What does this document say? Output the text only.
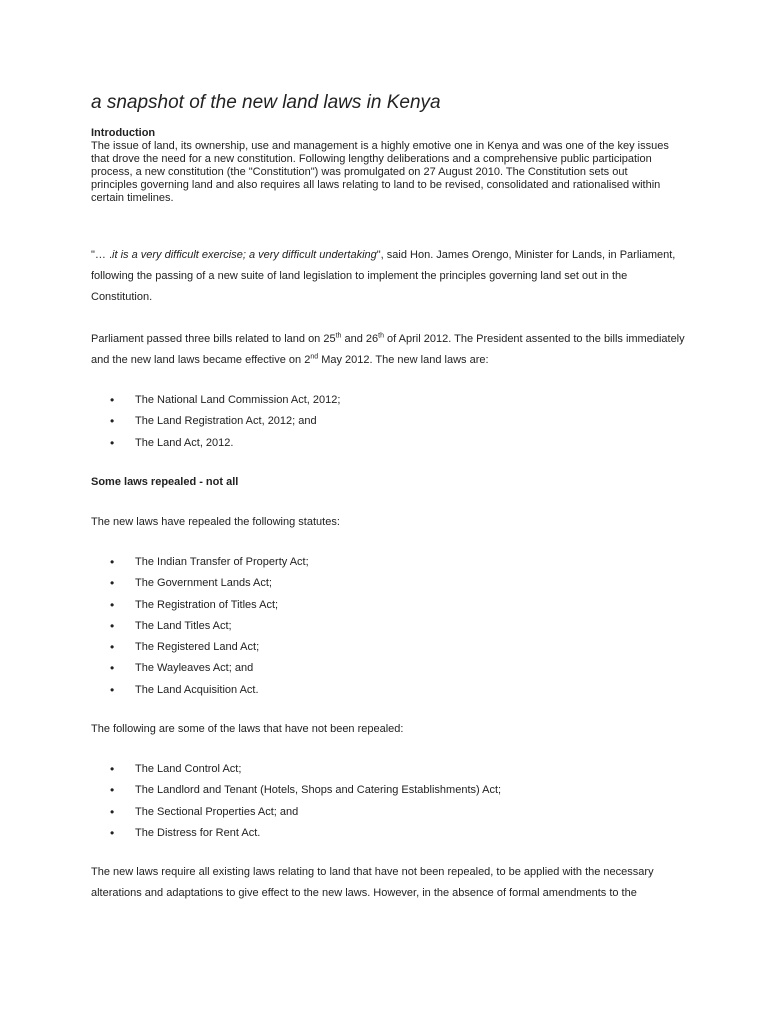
a snapshot of the new land laws in Kenya
Introduction

The issue of land, its ownership, use and management is a highly emotive one in Kenya and was one of the key issues that drove the need for a new constitution. Following lengthy deliberations and a comprehensive public participation process, a new constitution (the "Constitution") was promulgated on 27 August 2010. The Constitution sets out principles governing land and also requires all laws relating to land to be revised, consolidated and rationalised within certain timelines.

"… .it is a very difficult exercise; a very difficult undertaking", said Hon. James Orengo, Minister for Lands, in Parliament, following the passing of a new suite of land legislation to implement the principles governing land set out in the Constitution.

Parliament passed three bills related to land on 25th and 26th of April 2012. The President assented to the bills immediately and the new land laws became effective on 2nd May 2012. The new land laws are:

• The National Land Commission Act, 2012;
• The Land Registration Act, 2012; and
• The Land Act, 2012.

Some laws repealed - not all

The new laws have repealed the following statutes:

• The Indian Transfer of Property Act;
• The Government Lands Act;
• The Registration of Titles Act;
• The Land Titles Act;
• The Registered Land Act;
• The Wayleaves Act; and
• The Land Acquisition Act.

The following are some of the laws that have not been repealed:

• The Land Control Act;
• The Landlord and Tenant (Hotels, Shops and Catering Establishments) Act;
• The Sectional Properties Act; and
• The Distress for Rent Act.

The new laws require all existing laws relating to land that have not been repealed, to be applied with the necessary alterations and adaptations to give effect to the new laws. However, in the absence of formal amendments to the
